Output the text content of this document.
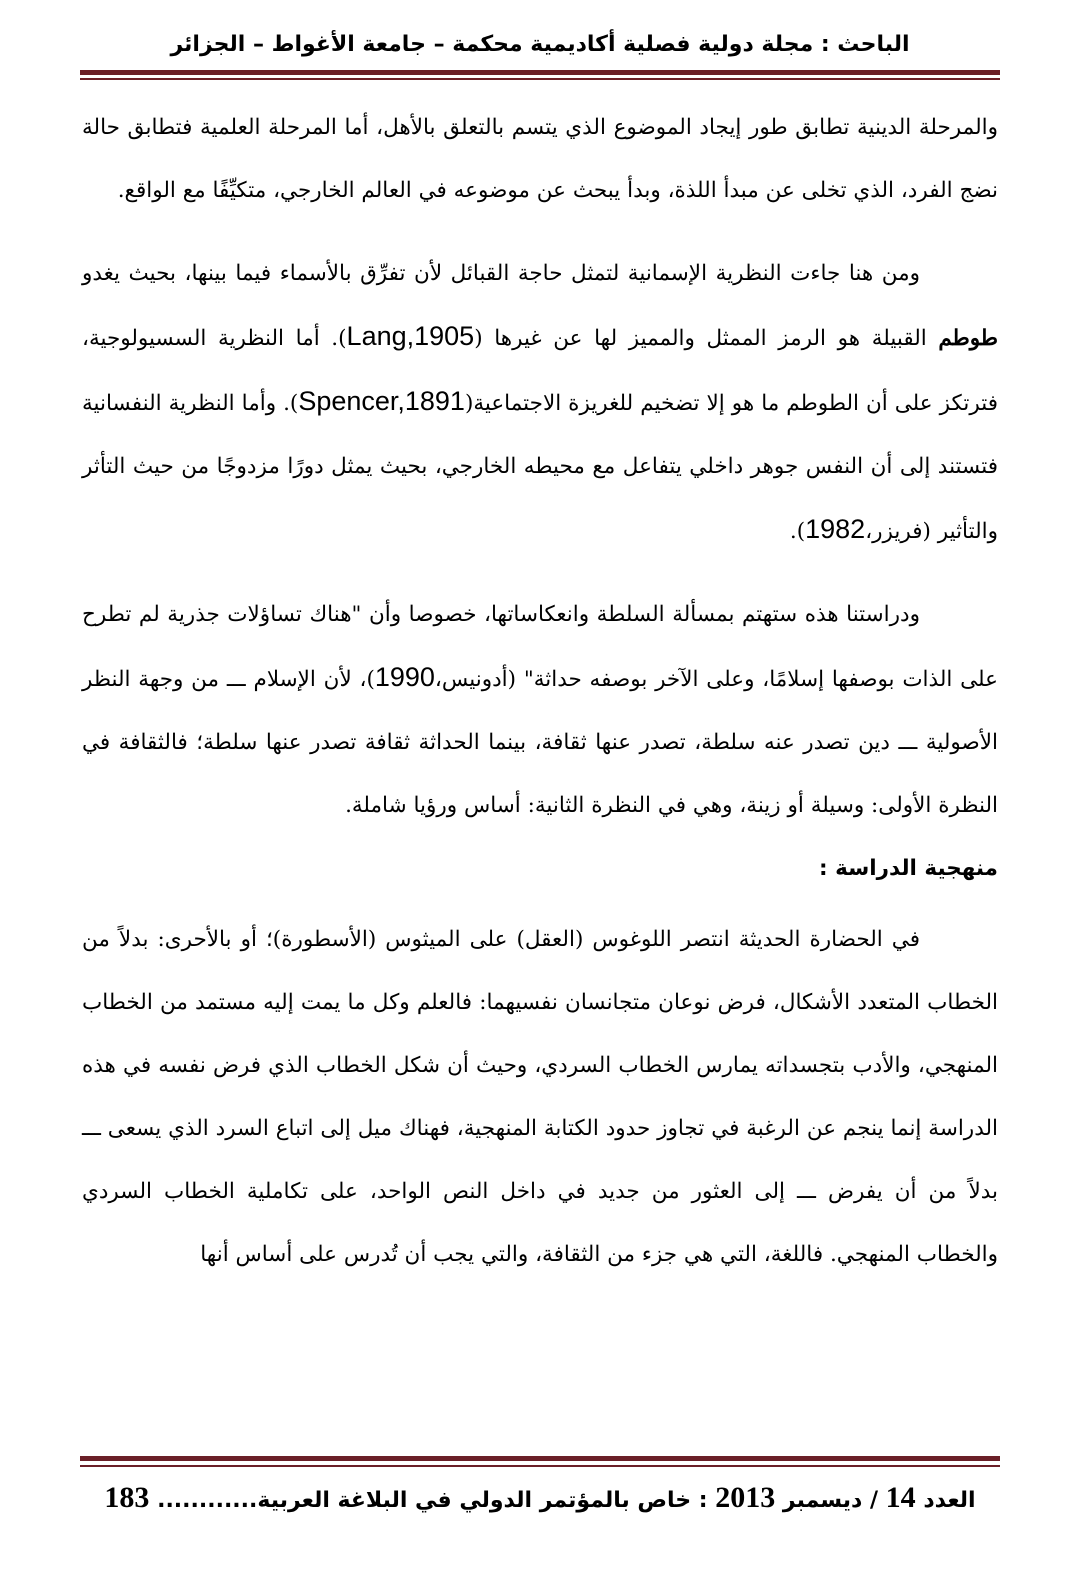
الباحث : مجلة دولية فصلية أكاديمية محكمة – جامعة الأغواط – الجزائر

والمرحلة الدينية تطابق طور إيجاد الموضوع الذي يتسم بالتعلق بالأهل، أما المرحلة العلمية فتطابق حالة نضج الفرد، الذي تخلى عن مبدأ اللذة، وبدأ يبحث عن موضوعه في العالم الخارجي، متكيِّفًا مع الواقع.

ومن هنا جاءت النظرية الإسمانية لتمثل حاجة القبائل لأن تفرِّق بالأسماء فيما بينها، بحيث يغدو طوطم القبيلة هو الرمز الممثل والمميز لها عن غيرها (Lang,1905). أما النظرية السسيولوجية، فترتكز على أن الطوطم ما هو إلا تضخيم للغريزة الاجتماعية(Spencer,1891). وأما النظرية النفسانية فتستند إلى أن النفس جوهر داخلي يتفاعل مع محيطه الخارجي، بحيث يمثل دورًا مزدوجًا من حيث التأثر والتأثير (فريزر،1982).

ودراستنا هذه ستهتم بمسألة السلطة وانعكاساتها، خصوصا وأن "هناك تساؤلات جذرية لم تطرح على الذات بوصفها إسلامًا، وعلى الآخر بوصفه حداثة" (أدونيس،1990)، لأن الإسلام ـــ من وجهة النظر الأصولية ـــ دين تصدر عنه سلطة، تصدر عنها ثقافة، بينما الحداثة ثقافة تصدر عنها سلطة؛ فالثقافة في النظرة الأولى: وسيلة أو زينة، وهي في النظرة الثانية: أساس ورؤيا شاملة.

منهجية الدراسة :

في الحضارة الحديثة انتصر اللوغوس (العقل) على الميثوس (الأسطورة)؛ أو بالأحرى: بدلاً من الخطاب المتعدد الأشكال، فرض نوعان متجانسان نفسيهما: فالعلم وكل ما يمت إليه مستمد من الخطاب المنهجي، والأدب بتجسداته يمارس الخطاب السردي، وحيث أن شكل الخطاب الذي فرض نفسه في هذه الدراسة إنما ينجم عن الرغبة في تجاوز حدود الكتابة المنهجية، فهناك ميل إلى اتباع السرد الذي يسعى ـــ بدلاً من أن يفرض ـــ إلى العثور من جديد في داخل النص الواحد، على تكاملية الخطاب السردي والخطاب المنهجي. فاللغة، التي هي جزء من الثقافة، والتي يجب أن تُدرس على أساس أنها

العدد 14 / ديسمبر 2013 : خاص بالمؤتمر الدولي في البلاغة العربية............ 183
